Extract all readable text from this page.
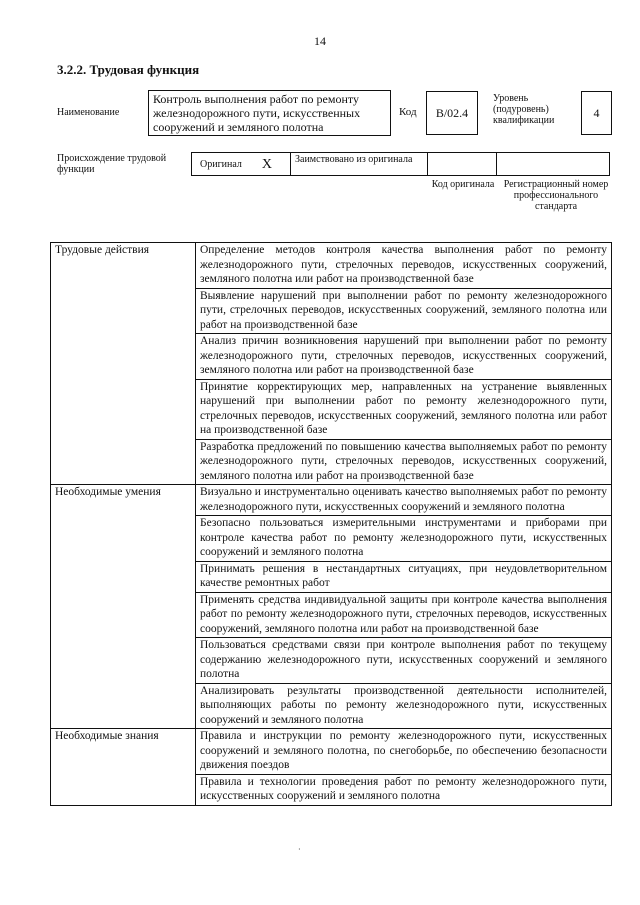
14
3.2.2. Трудовая функция
Наименование
Контроль выполнения работ по ремонту железнодорожного пути, искусственных сооружений и земляного полотна
Код	B/02.4
Уровень (подуровень) квалификации
4
Происхождение трудовой функции	Оригинал X	Заимствовано из оригинала
Код оригинала Регистрационный номер профессионального стандарта
Трудовые действия	Определение методов контроля качества выполнения работ по ремонту железнодорожного пути, стрелочных переводов, искусственных сооружений, земляного полотна или работ на производственной базе
	Выявление нарушений при выполнении работ по ремонту железнодорожного пути, стрелочных переводов, искусственных сооружений, земляного полотна или работ на производственной базе
	Анализ причин возникновения нарушений при выполнении работ по ремонту железнодорожного пути, стрелочных переводов, искусственных сооружений, земляного полотна или работ на производственной базе
	Принятие корректирующих мер, направленных на устранение выявленных нарушений при выполнении работ по ремонту железнодорожного пути, стрелочных переводов, искусственных сооружений, земляного полотна или работ на производственной базе
	Разработка предложений по повышению качества выполняемых работ по ремонту железнодорожного пути, стрелочных переводов, искусственных сооружений, земляного полотна или работ на производственной базе
Необходимые умения	Визуально и инструментально оценивать качество выполняемых работ по ремонту железнодорожного пути, искусственных сооружений и земляного полотна
	Безопасно пользоваться измерительными инструментами и приборами при контроле качества работ по ремонту железнодорожного пути, искусственных сооружений и земляного полотна
	Принимать решения в нестандартных ситуациях, при неудовлетворительном качестве ремонтных работ
	Применять средства индивидуальной защиты при контроле качества выполнения работ по ремонту железнодорожного пути, стрелочных переводов, искусственных сооружений, земляного полотна или работ на производственной базе
	Пользоваться средствами связи при контроле выполнения работ по текущему содержанию железнодорожного пути, искусственных сооружений и земляного полотна
	Анализировать результаты производственной деятельности исполнителей, выполняющих работы по ремонту железнодорожного пути, искусственных сооружений и земляного полотна
Необходимые знания	Правила и инструкции по ремонту железнодорожного пути, искусственных сооружений и земляного полотна, по снегоборьбе, по обеспечению безопасности движения поездов
	Правила и технологии проведения работ по ремонту железнодорожного пути, искусственных сооружений и земляного полотна
·
